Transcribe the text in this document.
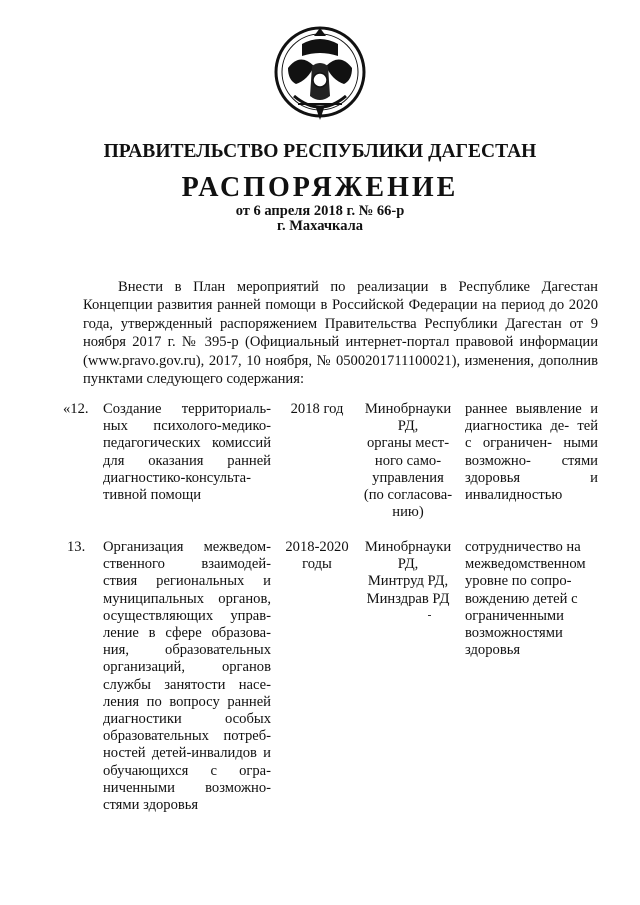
ПРАВИТЕЛЬСТВО РЕСПУБЛИКИ ДАГЕСТАН
РАСПОРЯЖЕНИЕ
от 6 апреля 2018 г. № 66-р
г. Махачкала
Внести в План мероприятий по реализации в Республике Дагестан Концепции развития ранней помощи в Российской Федерации на период до 2020 года, утвержденный распоряжением Правительства Республики Дагестан от 9 ноября 2017 г. № 395-р (Официальный интернет-портал правовой информации (www.pravo.gov.ru), 2017, 10 ноября, № 0500201711100021), изменения, дополнив пунктами следующего содержания:
«12. Создание территориаль- ных психолого-медико- педагогических комиссий для оказания ранней диагностико-консульта- тивной помощи
2018 год	Минобрнауки
РД,
органы мест-
ного само-
управления
(по согласова-
нию)
раннее выявление и диагностика де- тей с ограничен- ными возможно- стями здоровья и инвалидностью
13.	Организация межведом- ственного взаимодей- ствия региональных и муниципальных органов, осуществляющих управ- ление в сфере образова- ния, образовательных организаций, органов службы занятости насе- ления по вопросу ранней диагностики особых образовательных потреб- ностей детей-инвалидов и обучающихся с огра- ниченными возможно- стями здоровья
2018-2020 годы
Минобрнауки
РД,
Минтруд РД,
Минздрав РД
сотрудничество на межведомственном уровне по сопро- вождению детей с ограниченными возможностями здоровья
